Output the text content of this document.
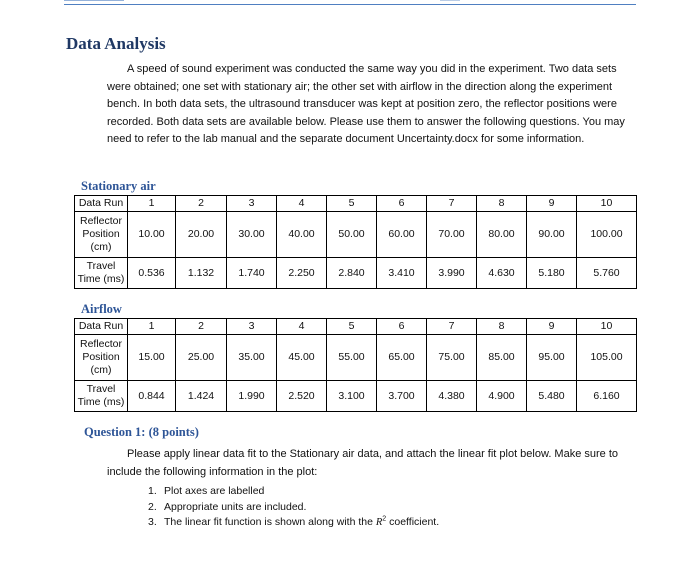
Data Analysis

A speed of sound experiment was conducted the same way you did in the experiment. Two data sets were obtained; one set with stationary air; the other set with airflow in the direction along the experiment bench. In both data sets, the ultrasound transducer was kept at position zero, the reflector positions were recorded. Both data sets are available below. Please use them to answer the following questions. You may need to refer to the lab manual and the separate document Uncertainty.docx for some information.

Stationary air

Data Run	1	2	3	4	5	6	7	8	9	10

Reflector
Position
(cm)	10.00	20.00	30.00	40.00	50.00	60.00	70.00	80.00	90.00	100.00

Travel
Time (ms)	0.536	1.132	1.740	2.250	2.840	3.410	3.990	4.630	5.180	5.760

Airflow

Data Run	1	2	3	4	5	6	7	8	9	10

Reflector
Position
(cm)	15.00	25.00	35.00	45.00	55.00	65.00	75.00	85.00	95.00	105.00

Travel
Time (ms)	0.844	1.424	1.990	2.520	3.100	3.700	4.380	4.900	5.480	6.160

Question 1: (8 points)

Please apply linear data fit to the Stationary air data, and attach the linear fit plot below. Make sure to include the following information in the plot:

1. Plot axes are labelled
2. Appropriate units are included.
3. The linear fit function is shown along with the $R^2$ coefficient.
